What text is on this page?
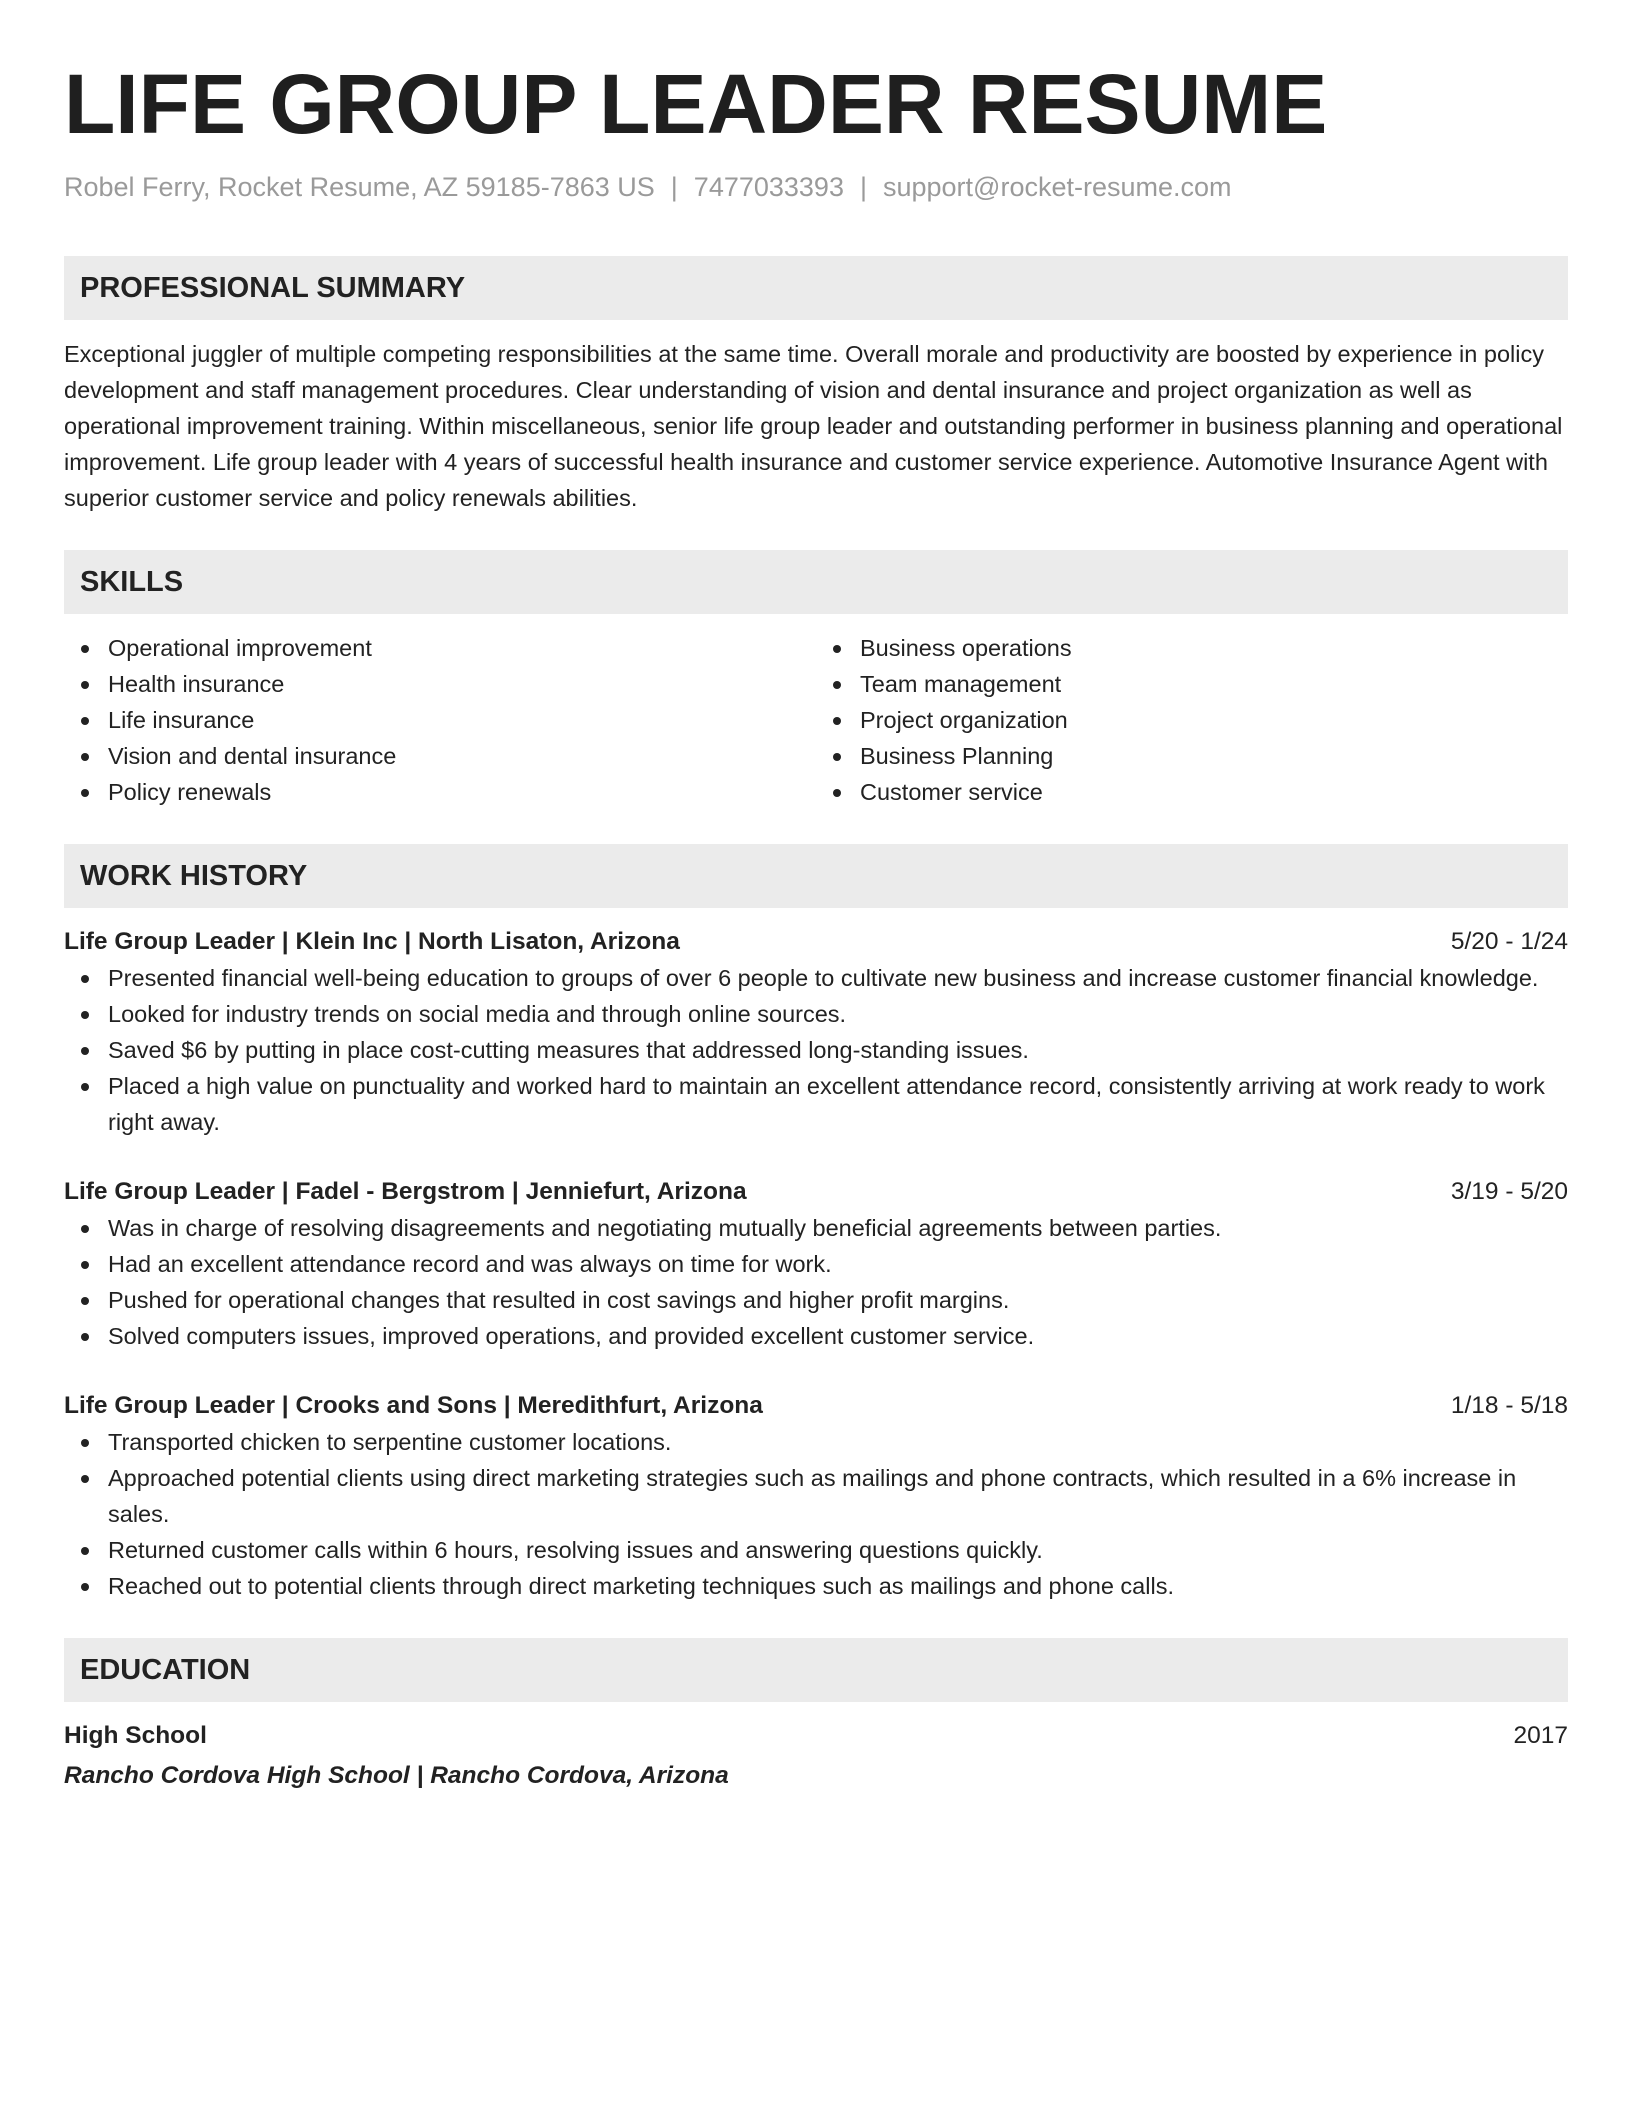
LIFE GROUP LEADER RESUME
Robel Ferry, Rocket Resume, AZ 59185-7863 US | 7477033393 | support@rocket-resume.com
PROFESSIONAL SUMMARY
Exceptional juggler of multiple competing responsibilities at the same time. Overall morale and productivity are boosted by experience in policy development and staff management procedures. Clear understanding of vision and dental insurance and project organization as well as operational improvement training. Within miscellaneous, senior life group leader and outstanding performer in business planning and operational improvement. Life group leader with 4 years of successful health insurance and customer service experience. Automotive Insurance Agent with superior customer service and policy renewals abilities.
SKILLS
Operational improvement
Health insurance
Life insurance
Vision and dental insurance
Policy renewals
Business operations
Team management
Project organization
Business Planning
Customer service
WORK HISTORY
Life Group Leader | Klein Inc | North Lisaton, Arizona	5/20 - 1/24
Presented financial well-being education to groups of over 6 people to cultivate new business and increase customer financial knowledge.
Looked for industry trends on social media and through online sources.
Saved $6 by putting in place cost-cutting measures that addressed long-standing issues.
Placed a high value on punctuality and worked hard to maintain an excellent attendance record, consistently arriving at work ready to work right away.
Life Group Leader | Fadel - Bergstrom | Jenniefurt, Arizona	3/19 - 5/20
Was in charge of resolving disagreements and negotiating mutually beneficial agreements between parties.
Had an excellent attendance record and was always on time for work.
Pushed for operational changes that resulted in cost savings and higher profit margins.
Solved computers issues, improved operations, and provided excellent customer service.
Life Group Leader | Crooks and Sons | Meredithfurt, Arizona	1/18 - 5/18
Transported chicken to serpentine customer locations.
Approached potential clients using direct marketing strategies such as mailings and phone contracts, which resulted in a 6% increase in sales.
Returned customer calls within 6 hours, resolving issues and answering questions quickly.
Reached out to potential clients through direct marketing techniques such as mailings and phone calls.
EDUCATION
High School	2017
Rancho Cordova High School | Rancho Cordova, Arizona
